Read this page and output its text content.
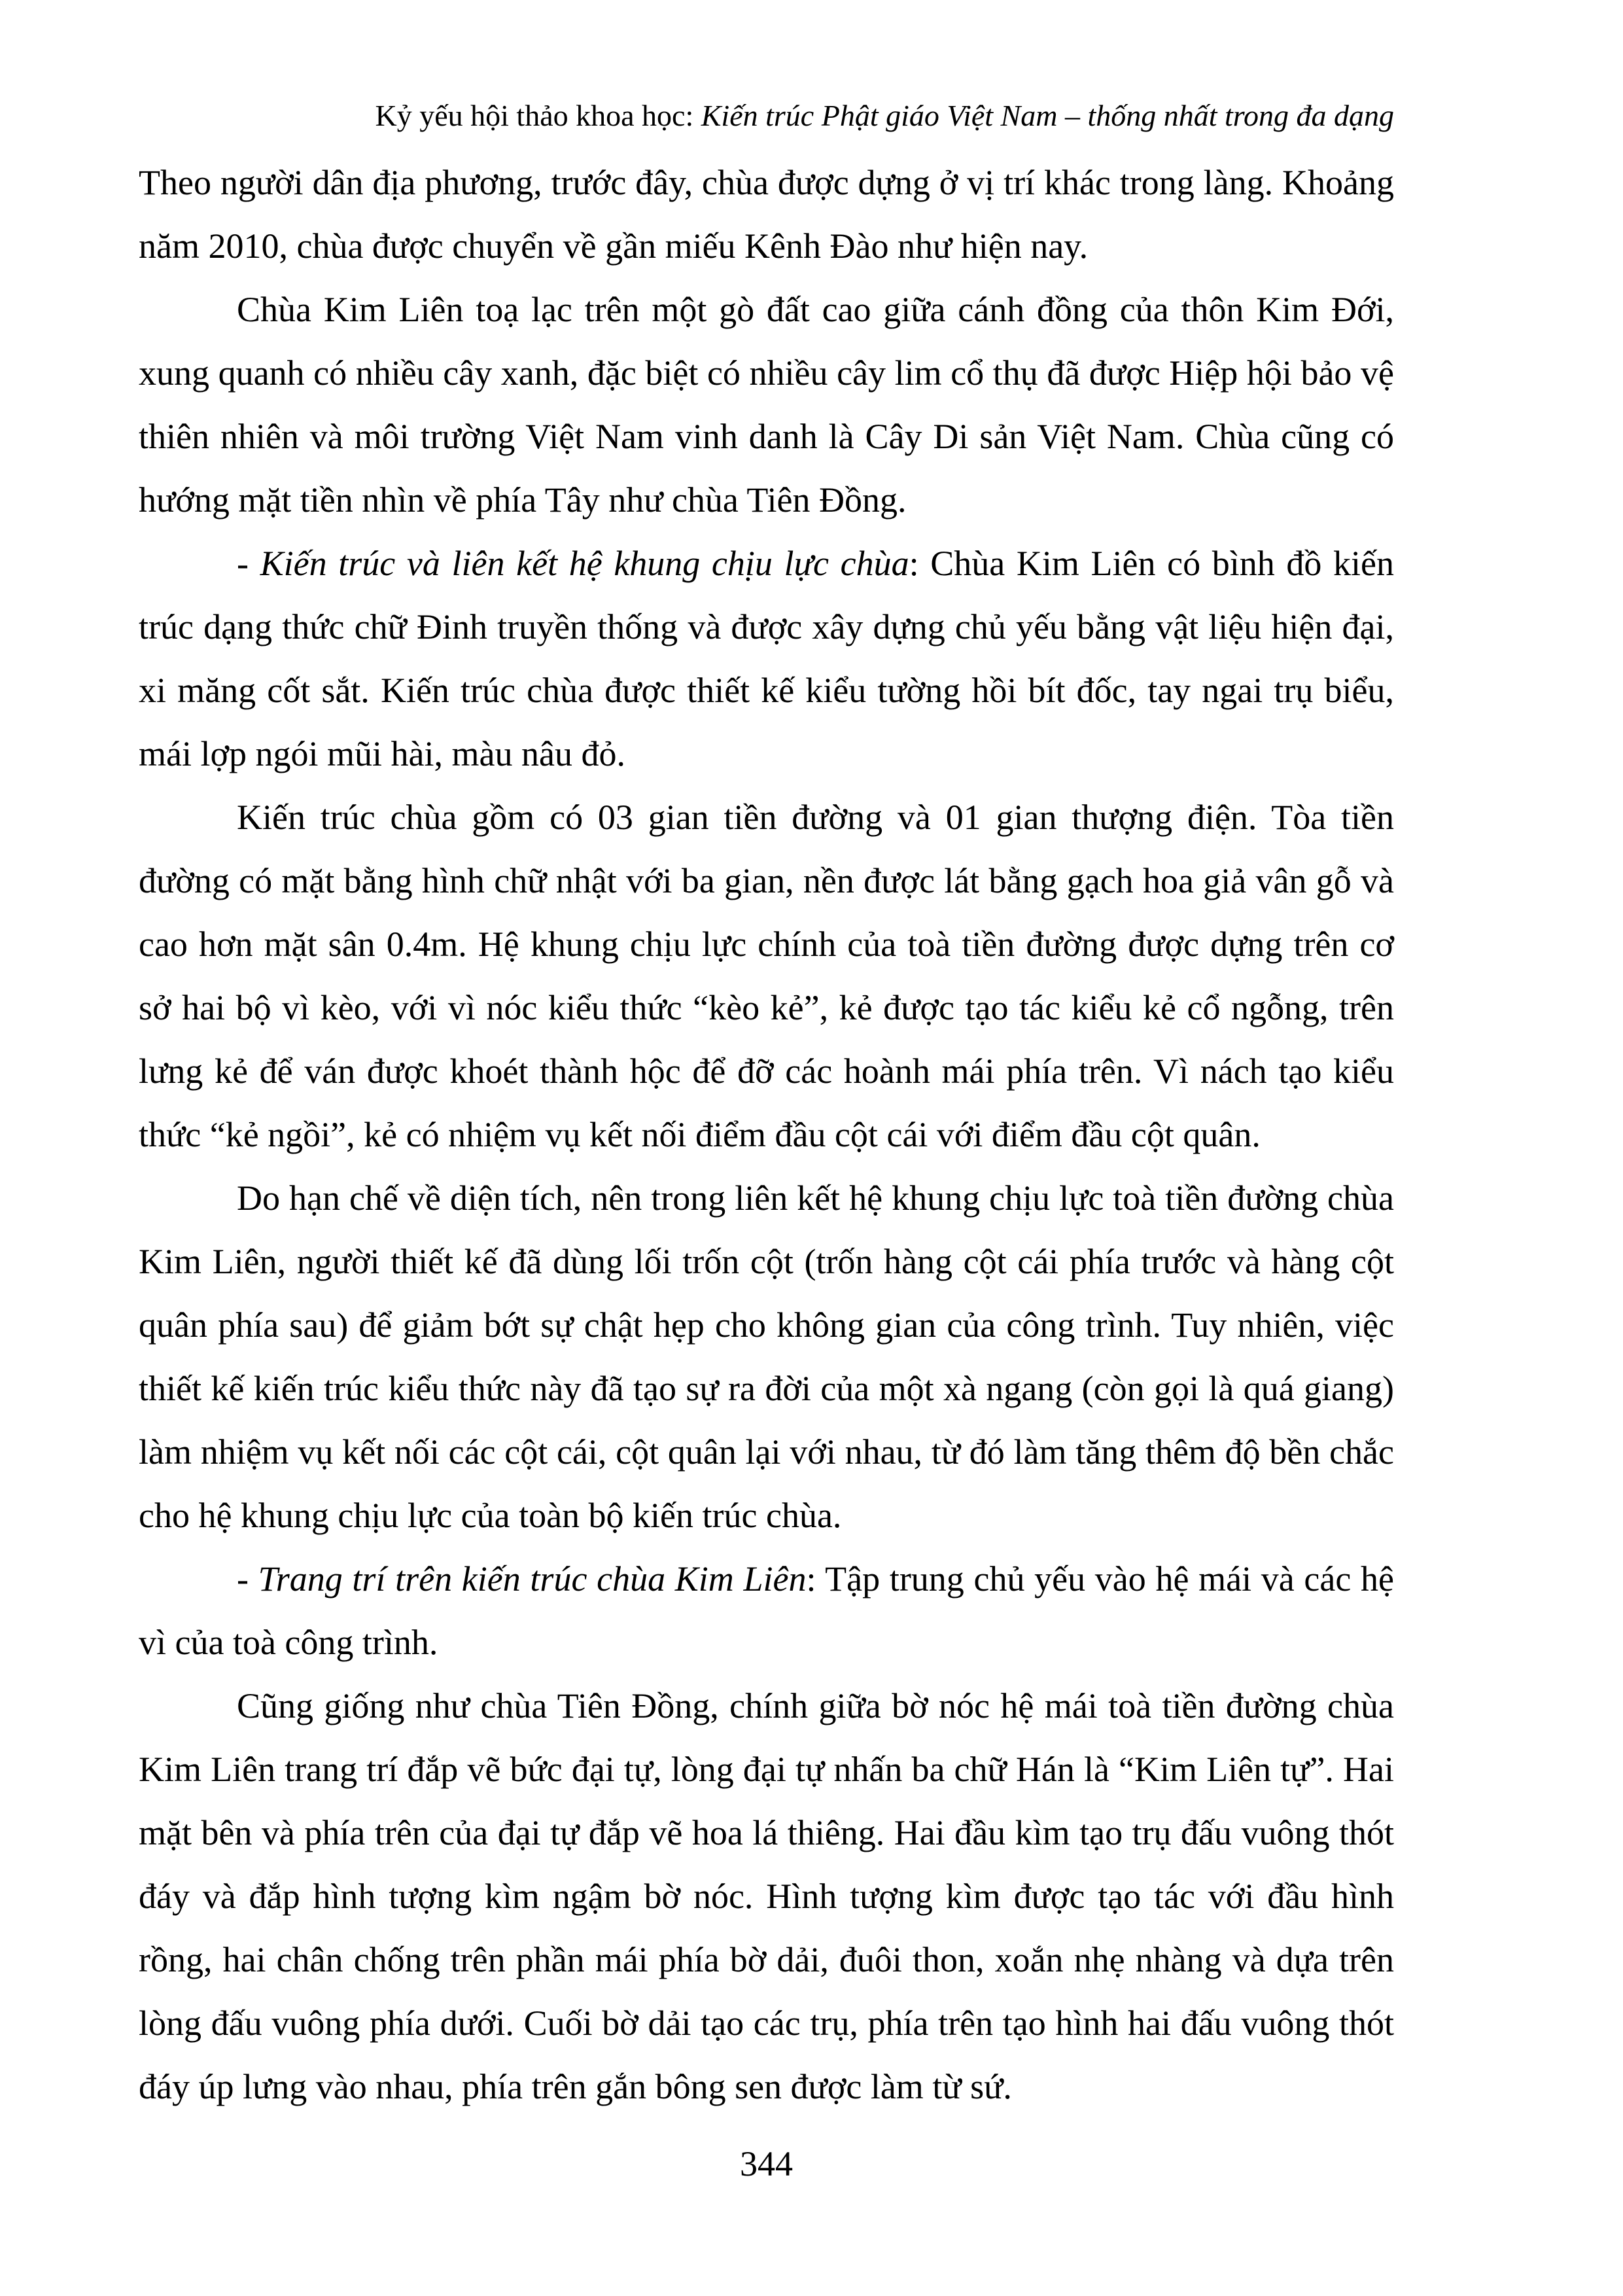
Kỷ yếu hội thảo khoa học: Kiến trúc Phật giáo Việt Nam – thống nhất trong đa dạng

Theo người dân địa phương, trước đây, chùa được dựng ở vị trí khác trong làng. Khoảng năm 2010, chùa được chuyển về gần miếu Kênh Đào như hiện nay.

Chùa Kim Liên toạ lạc trên một gò đất cao giữa cánh đồng của thôn Kim Đới, xung quanh có nhiều cây xanh, đặc biệt có nhiều cây lim cổ thụ đã được Hiệp hội bảo vệ thiên nhiên và môi trường Việt Nam vinh danh là Cây Di sản Việt Nam. Chùa cũng có hướng mặt tiền nhìn về phía Tây như chùa Tiên Đồng.

- Kiến trúc và liên kết hệ khung chịu lực chùa: Chùa Kim Liên có bình đồ kiến trúc dạng thức chữ Đinh truyền thống và được xây dựng chủ yếu bằng vật liệu hiện đại, xi măng cốt sắt. Kiến trúc chùa được thiết kế kiểu tường hồi bít đốc, tay ngai trụ biểu, mái lợp ngói mũi hài, màu nâu đỏ.

Kiến trúc chùa gồm có 03 gian tiền đường và 01 gian thượng điện. Tòa tiền đường có mặt bằng hình chữ nhật với ba gian, nền được lát bằng gạch hoa giả vân gỗ và cao hơn mặt sân 0.4m. Hệ khung chịu lực chính của toà tiền đường được dựng trên cơ sở hai bộ vì kèo, với vì nóc kiểu thức “kèo kẻ”, kẻ được tạo tác kiểu kẻ cổ ngỗng, trên lưng kẻ để ván được khoét thành hộc để đỡ các hoành mái phía trên. Vì nách tạo kiểu thức “kẻ ngồi”, kẻ có nhiệm vụ kết nối điểm đầu cột cái với điểm đầu cột quân.

Do hạn chế về diện tích, nên trong liên kết hệ khung chịu lực toà tiền đường chùa Kim Liên, người thiết kế đã dùng lối trốn cột (trốn hàng cột cái phía trước và hàng cột quân phía sau) để giảm bớt sự chật hẹp cho không gian của công trình. Tuy nhiên, việc thiết kế kiến trúc kiểu thức này đã tạo sự ra đời của một xà ngang (còn gọi là quá giang) làm nhiệm vụ kết nối các cột cái, cột quân lại với nhau, từ đó làm tăng thêm độ bền chắc cho hệ khung chịu lực của toàn bộ kiến trúc chùa.

- Trang trí trên kiến trúc chùa Kim Liên: Tập trung chủ yếu vào hệ mái và các hệ vì của toà công trình.

Cũng giống như chùa Tiên Đồng, chính giữa bờ nóc hệ mái toà tiền đường chùa Kim Liên trang trí đắp vẽ bức đại tự, lòng đại tự nhấn ba chữ Hán là “Kim Liên tự”. Hai mặt bên và phía trên của đại tự đắp vẽ hoa lá thiêng. Hai đầu kìm tạo trụ đấu vuông thót đáy và đắp hình tượng kìm ngậm bờ nóc. Hình tượng kìm được tạo tác với đầu hình rồng, hai chân chống trên phần mái phía bờ dải, đuôi thon, xoắn nhẹ nhàng và dựa trên lòng đấu vuông phía dưới. Cuối bờ dải tạo các trụ, phía trên tạo hình hai đấu vuông thót đáy úp lưng vào nhau, phía trên gắn bông sen được làm từ sứ.

344
